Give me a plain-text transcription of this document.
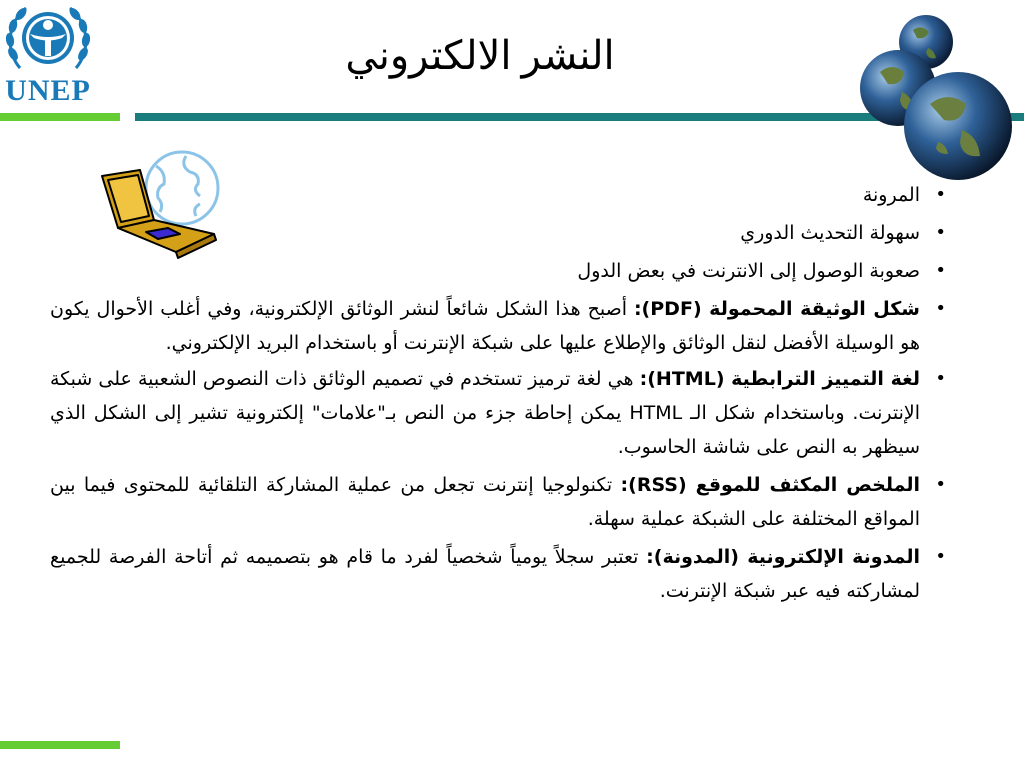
UNEP
النشر الالكتروني
• المرونة
• سهولة التحديث الدوري
• صعوبة الوصول إلى الانترنت في بعض الدول
• شكل الوثيقة المحمولة (PDF): أصبح هذا الشكل شائعاً لنشر الوثائق الإلكترونية، وفي أغلب الأحوال يكون هو الوسيلة الأفضل لنقل الوثائق والإطلاع عليها على شبكة الإنترنت أو باستخدام البريد الإلكتروني.
• لغة التمييز الترابطية (HTML): هي لغة ترميز تستخدم في تصميم الوثائق ذات النصوص الشعبية على شبكة الإنترنت. وباستخدام شكل الـ HTML يمكن إحاطة جزء من النص بـ"علامات" إلكترونية تشير إلى الشكل الذي سيظهر به النص على شاشة الحاسوب.
• الملخص المكثف للموقع (RSS): تكنولوجيا إنترنت تجعل من عملية المشاركة التلقائية للمحتوى فيما بين المواقع المختلفة على الشبكة عملية سهلة.
• المدونة الإلكترونية (المدونة): تعتبر سجلاً يومياً شخصياً لفرد ما قام هو بتصميمه ثم أتاحة الفرصة للجميع لمشاركته فيه عبر شبكة الإنترنت.
